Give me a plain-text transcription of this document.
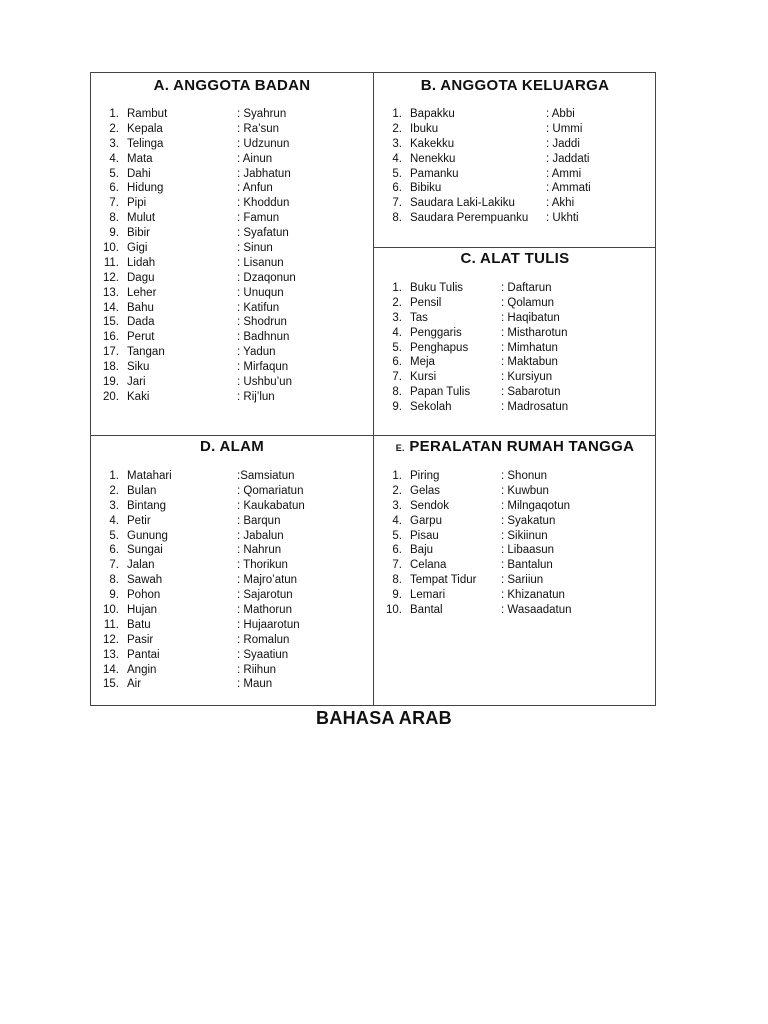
A. ANGGOTA BADAN
1. Rambut	: Syahrun
2. Kepala	: Ra’sun
3. Telinga	: Udzunun
4. Mata	: Ainun
5. Dahi	: Jabhatun
6. Hidung	: Anfun
7. Pipi	: Khoddun
8. Mulut	: Famun
9. Bibir	: Syafatun
10. Gigi	: Sinun
11. Lidah	: Lisanun
12. Dagu	: Dzaqonun
13. Leher	: Unuqun
14. Bahu	: Katifun
15. Dada	: Shodrun
16. Perut	: Badhnun
17. Tangan	: Yadun
18. Siku	: Mirfaqun
19. Jari	: Ushbu’un
20. Kaki	: Rij’lun
B. ANGGOTA KELUARGA
1. Bapakku	: Abbi
2. Ibuku	: Ummi
3. Kakekku	: Jaddi
4. Nenekku	: Jaddati
5. Pamanku	: Ammi
6. Bibiku	: Ammati
7. Saudara Laki-Lakiku	: Akhi
8. Saudara Perempuanku : Ukhti
C. ALAT TULIS
1. Buku Tulis	: Daftarun
2. Pensil	: Qolamun
3. Tas	: Haqibatun
4. Penggaris	: Mistharotun
5. Penghapus	: Mimhatun
6. Meja	: Maktabun
7. Kursi	: Kursiyun
8. Papan Tulis	: Sabarotun
9. Sekolah	: Madrosatun
D. ALAM
1. Matahari	:Samsiatun
2. Bulan	: Qomariatun
3. Bintang	: Kaukabatun
4. Petir	: Barqun
5. Gunung	: Jabalun
6. Sungai	: Nahrun
7. Jalan	: Thorikun
8. Sawah	: Majro’atun
9. Pohon	: Sajarotun
10. Hujan	: Mathorun
11. Batu	: Hujaarotun
12. Pasir	: Romalun
13. Pantai	: Syaatiun
14. Angin	: Riihun
15. Air	: Maun
E. PERALATAN RUMAH TANGGA
1. Piring	: Shonun
2. Gelas	: Kuwbun
3. Sendok	: Milngaqotun
4. Garpu	: Syakatun
5. Pisau	: Sikiinun
6. Baju	: Libaasun
7. Celana	: Bantalun
8. Tempat Tidur : Sariiun
9. Lemari	: Khizanatun
10. Bantal	: Wasaadatun
BAHASA ARAB
